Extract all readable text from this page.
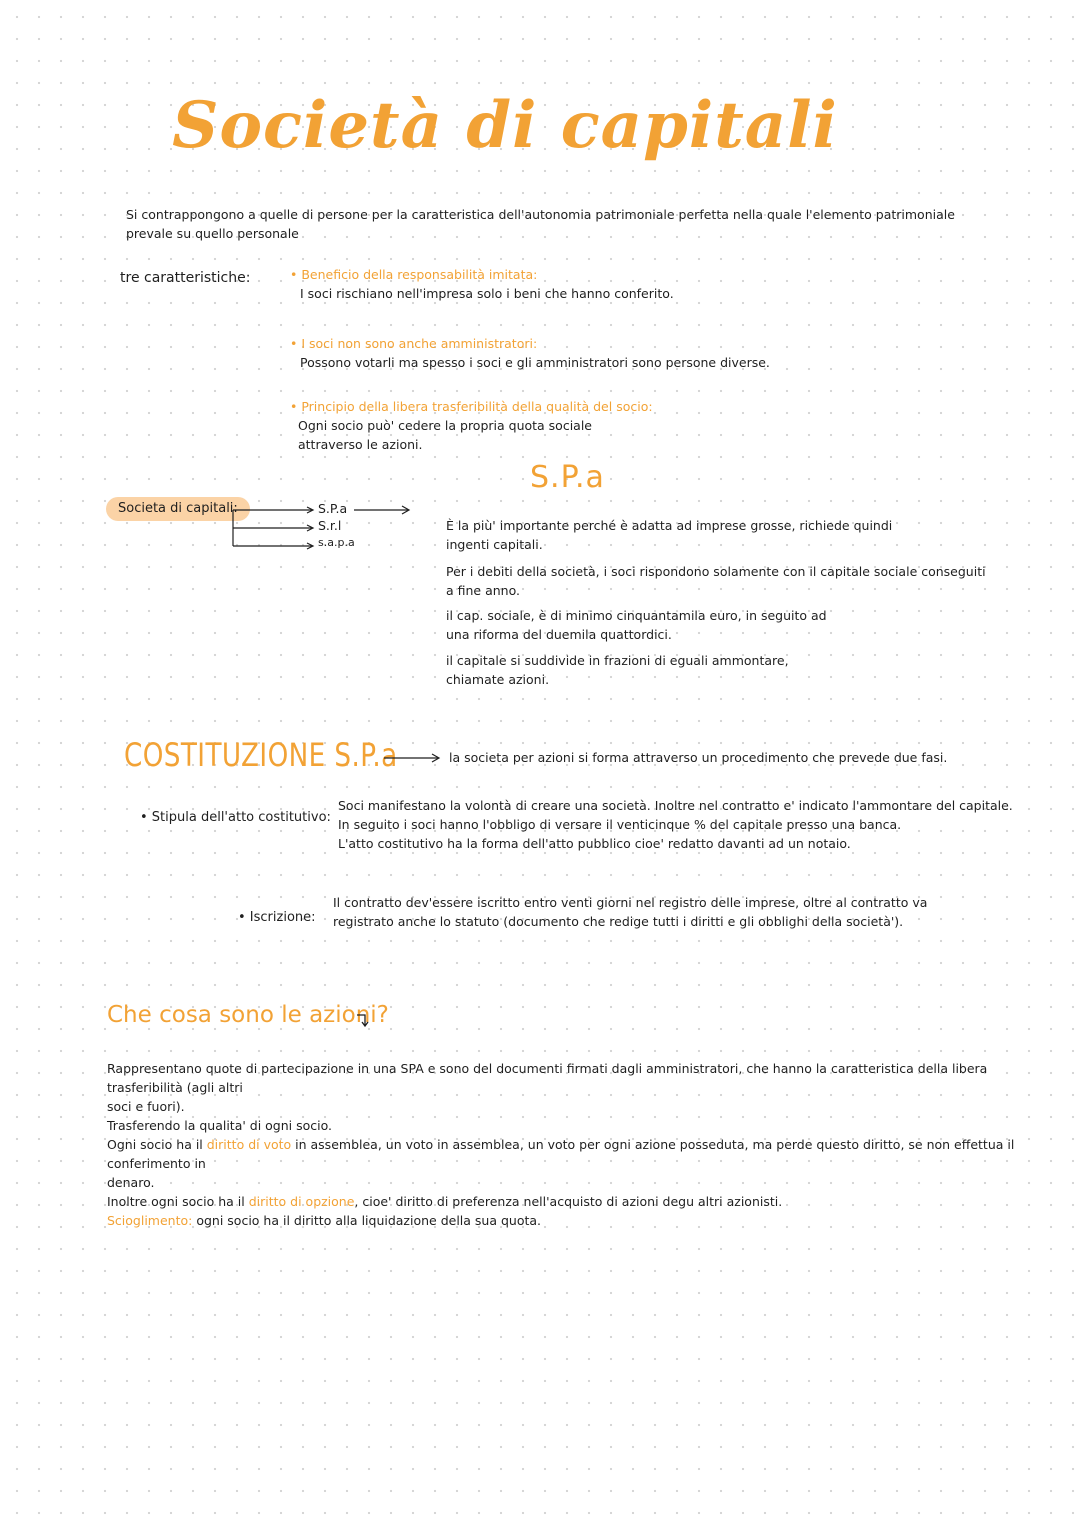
Società di capitali
Si contrappongono a quelle di persone per la caratteristica dell'autonomia patrimoniale perfetta nella quale l'elemento patrimoniale
prevale su quello personale
tre caratteristiche:	• Beneficio della responsabilità imitata:
I soci rischiano nell'impresa solo i beni che hanno conferito.
• I soci non sono anche amministratori:
Possono votarli ma spesso i soci e gli amministratori sono persone diverse.
• Principio della libera trasferibilità della qualità del socio:
Ogni socio può' cedere la propria quota sociale
attraverso le azioni.
Societa di capitali:	S.P.a
S.r.l
s.a.p.a
S.P.a
È la più' importante perché è adatta ad imprese grosse, richiede quindi
ingenti capitali.
Per i debiti della società, i soci rispondono solamente con il capitale sociale conseguiti
a fine anno.
il cap. sociale, è di minimo cinquantamila euro, in seguito ad
una riforma del duemila quattordici.
il capitale si suddivide in frazioni di eguali ammontare,
chiamate azioni.
COSTITUZIONE S.P.a	la societa per azioni si forma attraverso un procedimento che prevede due fasi.
• Stipula dell'atto costitutivo:
Soci manifestano la volontà di creare una società. Inoltre nel contratto e' indicato l'ammontare del capitale.
In seguito i soci hanno l'obbligo di versare il venticinque % del capitale presso una banca.
L'atto costitutivo ha la forma dell'atto pubblico cioe' redatto davanti ad un notaio.
• Iscrizione:
Il contratto dev'essere iscritto entro venti giorni nel registro delle imprese, oltre al contratto va
registrato anche lo statuto (documento che redige tutti i diritti e gli obblighi della società').
Che cosa sono le azioni?
Rappresentano quote di partecipazione in una SPA e sono del documenti firmati dagli amministratori, che hanno la caratteristica della libera trasferibilità (agli altri
soci e fuori).
Trasferendo la qualita' di ogni socio.
Ogni socio ha il diritto di voto in assemblea, un voto in assemblea, un voto per ogni azione posseduta, ma perde questo diritto, se non effettua il conferimento in
denaro.
Inoltre ogni socio ha il diritto di opzione, cioe' diritto di preferenza nell'acquisto di azioni degu altri azionisti.
Scioglimento: ogni socio ha il diritto alla liquidazione della sua quota.
